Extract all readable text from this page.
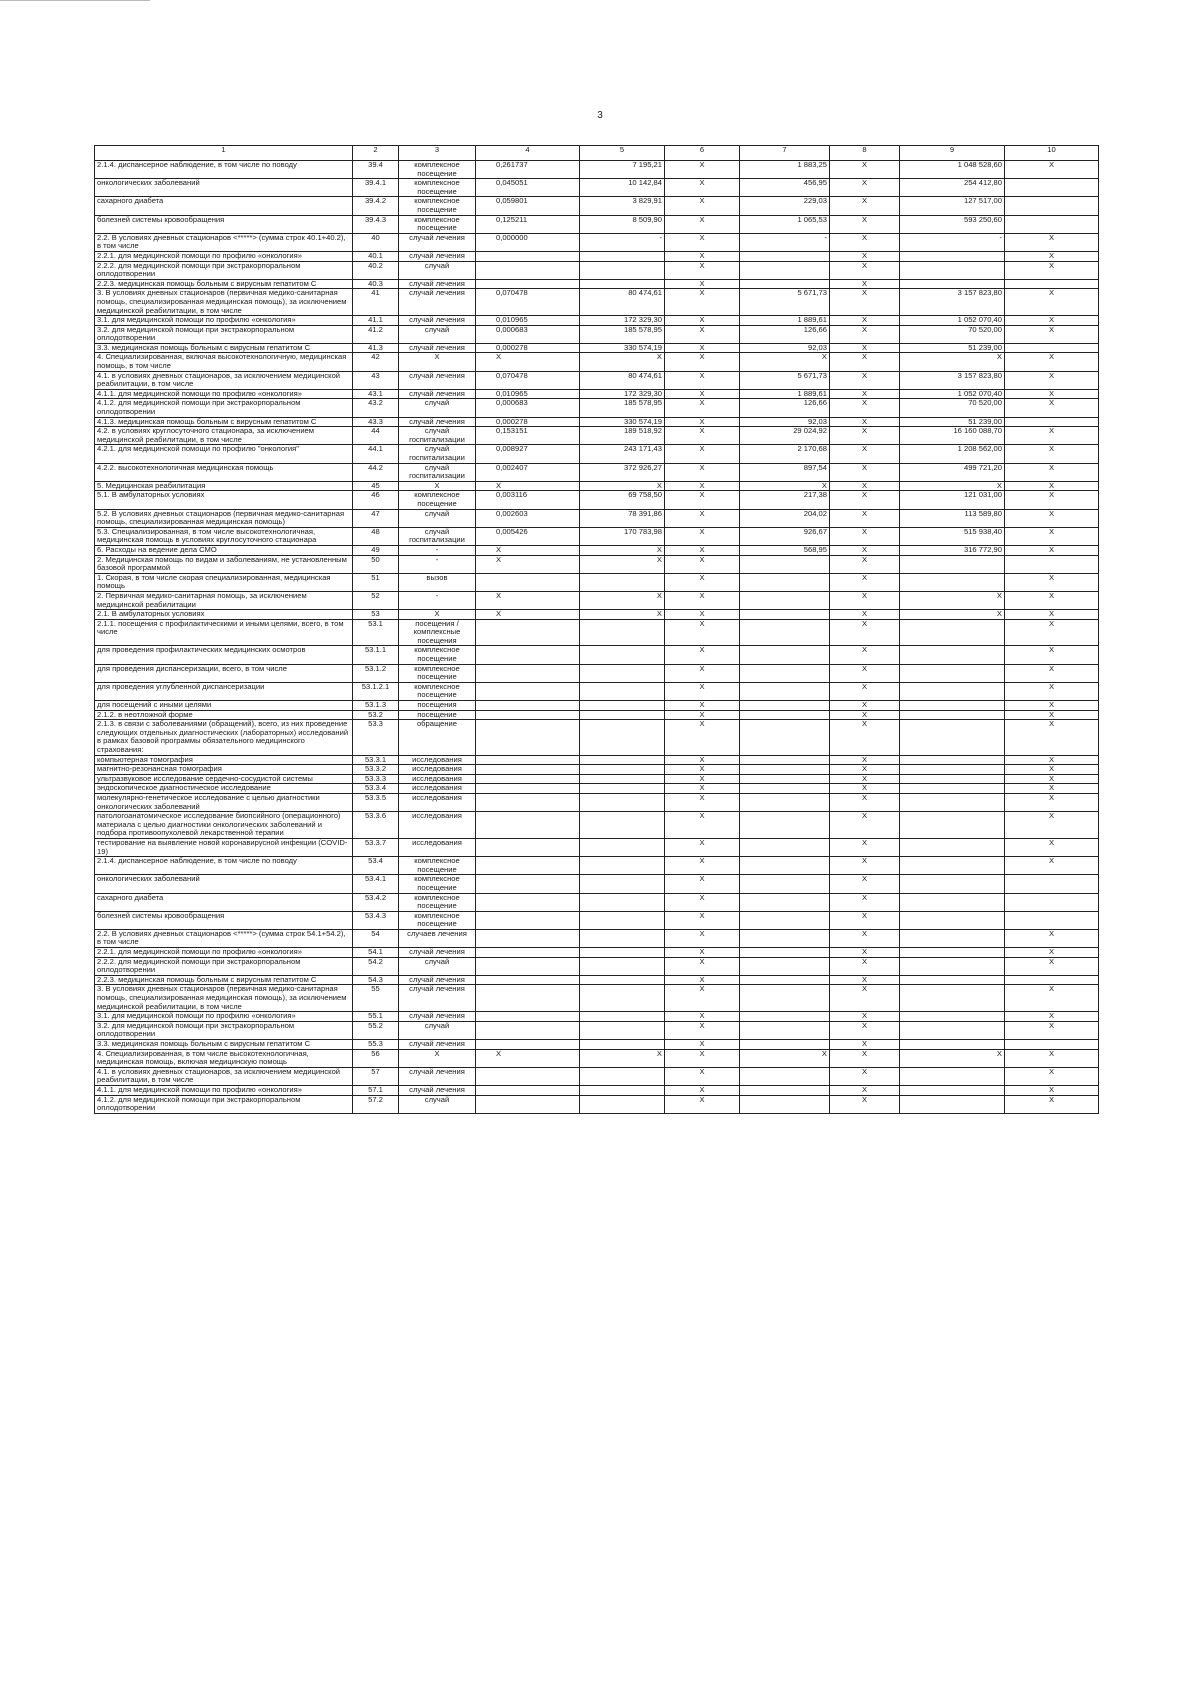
3
1	2	3	4	5	6	7	8	9	10
2.1.4. диспансерное наблюдение, в том числе по поводу	39.4	комплексное посещение	0,261737	7 195,21	Х	1 883,25	Х	1 048 528,60	Х
онкологических заболеваний	39.4.1	комплексное посещение	0,045051	10 142,84	Х	456,95	Х	254 412,80	
сахарного диабета	39.4.2	комплексное посещение	0,059801	3 829,91	Х	229,03	Х	127 517,00	
болезней системы кровообращения	39.4.3	комплексное посещение	0,125211	8 509,90	Х	1 065,53	Х	593 250,60	
2.2. В условиях дневных стационаров <*****> (сумма строк 40.1+40.2), в том числе	40	случай лечения	0,000000	-	Х	-	Х	-	Х
2.2.1. для медицинской помощи по профилю «онкология»	40.1	случай лечения			Х		Х		Х
2.2.2. для медицинской помощи при экстракорпоральном оплодотворении	40.2	случай			Х		Х		Х
2.2.3. медицинская помощь больным с вирусным гепатитом С	40.3	случай лечения			Х		Х		
3. В условиях дневных стационаров (первичная медико-санитарная помощь, специализированная медицинская помощь), за исключением медицинской реабилитации, в том числе	41	случай лечения	0,070478	80 474,61	Х	5 671,73	Х	3 157 823,80	Х
3.1. для медицинской помощи по профилю «онкология»	41.1	случай лечения	0,010965	172 329,30	Х	1 889,61	Х	1 052 070,40	Х
3.2. для медицинской помощи при экстракорпоральном оплодотворении	41.2	случай	0,000683	185 578,95	Х	126,66	Х	70 520,00	Х
3.3. медицинская помощь больным с вирусным гепатитом С	41.3	случай лечения	0,000278	330 574,19	Х	92,03	Х	51 239,00	
4. Специализированная, включая высокотехнологичную, медицинская помощь, в том числе	42	Х	Х	Х	Х	Х	Х	Х	Х
4.1. в условиях дневных стационаров, за исключением медицинской реабилитации, в том числе	43	случай лечения	0,070478	80 474,61	Х	5 671,73	Х	3 157 823,80	Х
4.1.1. для медицинской помощи по профилю «онкология»	43.1	случай лечения	0,010965	172 329,30	Х	1 889,61	Х	1 052 070,40	Х
4.1.2. для медицинской помощи при экстракорпоральном оплодотворении	43.2	случай	0,000683	185 578,95	Х	126,66	Х	70 520,00	Х
4.1.3. медицинская помощь больным с вирусным гепатитом С	43.3	случай лечения	0,000278	330 574,19	Х	92,03	Х	51 239,00	
4.2. в условиях круглосуточного стационара, за исключением медицинской реабилитации, в том числе	44	случай госпитализации	0,153151	189 518,92	Х	29 024,92	Х	16 160 088,70	Х
4.2.1. для медицинской помощи по профилю "онкология"	44.1	случай госпитализации	0,008927	243 171,43	Х	2 170,68	Х	1 208 562,00	Х
4.2.2. высокотехнологичная медицинская помощь	44.2	случай госпитализации	0,002407	372 926,27	Х	897,54	Х	499 721,20	Х
5. Медицинская реабилитация	45	Х	Х	Х	Х	Х	Х	Х	Х
5.1. В амбулаторных условиях	46	комплексное посещение	0,003116	69 758,50	Х	217,38	Х	121 031,00	Х
5.2. В условиях дневных стационаров (первичная медико-санитарная помощь, специализированная медицинская помощь)	47	случай	0,002603	78 391,86	Х	204,02	Х	113 589,80	Х
5.3. Специализированная, в том числе высокотехнологичная, медицинская помощь в условиях круглосуточного стационара	48	случай госпитализации	0,005426	170 783,98	Х	926,67	Х	515 938,40	Х
6. Расходы на ведение дела СМО	49	-	Х	Х	Х	568,95	Х	316 772,90	Х
2. Медицинская помощь по видам и заболеваниям, не установленным базовой программой	50	-	Х	Х	Х		Х		
1. Скорая, в том числе скорая специализированная, медицинская помощь	51	вызов			Х		Х		Х
2. Первичная медико-санитарная помощь, за исключением медицинской реабилитации	52	-	Х	Х	Х		Х	Х	Х
2.1. В амбулаторных условиях	53	Х	Х	Х	Х		Х	Х	Х
2.1.1. посещения с профилактическими и иными целями, всего, в том числе	53.1	посещения / комплексные посещения			Х		Х		Х
для проведения профилактических медицинских осмотров	53.1.1	комплексное посещение			Х		Х		Х
для проведения диспансеризации, всего, в том числе	53.1.2	комплексное посещение			Х		Х		Х
для проведения углубленной диспансеризации	53.1.2.1	комплексное посещение			Х		Х		Х
для посещений с иными целями	53.1.3	посещения			Х		Х		Х
2.1.2. в неотложной форме	53.2	посещение			Х		Х		Х
2.1.3. в связи с заболеваниями (обращений), всего, из них проведение следующих отдельных диагностических (лабораторных) исследований в рамках базовой программы обязательного медицинского страхования:	53.3	обращение			Х		Х		Х
компьютерная томография	53.3.1	исследования			Х		Х		Х
магнитно-резонансная томография	53.3.2	исследования			Х		Х		Х
ультразвуковое исследование сердечно-сосудистой системы	53.3.3	исследования			Х		Х		Х
эндоскопическое диагностическое исследование	53.3.4	исследования			Х		Х		Х
молекулярно-генетическое исследование с целью диагностики онкологических заболеваний	53.3.5	исследования			Х		Х		Х
патологоанатомическое исследование биопсийного (операционного) материала с целью диагностики онкологических заболеваний и подбора противоопухолевой лекарственной терапии	53.3.6	исследования			Х		Х		Х
тестирование на выявление новой коронавирусной инфекции (COVID-19)	53.3.7	исследования			Х		Х		Х
2.1.4. диспансерное наблюдение, в том числе по поводу	53.4	комплексное посещение			Х		Х		Х
онкологических заболеваний	53.4.1	комплексное посещение			Х		Х		
сахарного диабета	53.4.2	комплексное посещение			Х		Х		
болезней системы кровообращения	53.4.3	комплексное посещение			Х		Х		
2.2. В условиях дневных стационаров <*****> (сумма строк 54.1+54.2), в том числе	54	случаев лечения			Х		Х		Х
2.2.1. для медицинской помощи по профилю «онкология»	54.1	случай лечения			Х		Х		Х
2.2.2. для медицинской помощи при экстракорпоральном оплодотворении	54.2	случай			Х		Х		Х
2.2.3. медицинская помощь больным с вирусным гепатитом С	54.3	случай лечения			Х		Х		
3. В условиях дневных стационаров (первичная медико-санитарная помощь, специализированная медицинская помощь), за исключением медицинской реабилитации, в том числе	55	случай лечения			Х		Х		Х
3.1. для медицинской помощи по профилю «онкология»	55.1	случай лечения			Х		Х		Х
3.2. для медицинской помощи при экстракорпоральном оплодотворении	55.2	случай			Х		Х		Х
3.3. медицинская помощь больным с вирусным гепатитом С	55.3	случай лечения			Х		Х		
4. Специализированная, в том числе высокотехнологичная, медицинская помощь, включая медицинскую помощь	56	Х	Х	Х	Х	Х	Х	Х	Х
4.1. в условиях дневных стационаров, за исключением медицинской реабилитации, в том числе	57	случай лечения			Х		Х		Х
4.1.1. для медицинской помощи по профилю «онкология»	57.1	случай лечения			Х		Х		Х
4.1.2. для медицинской помощи при экстракорпоральном оплодотворении	57.2	случай			Х		Х		Х
